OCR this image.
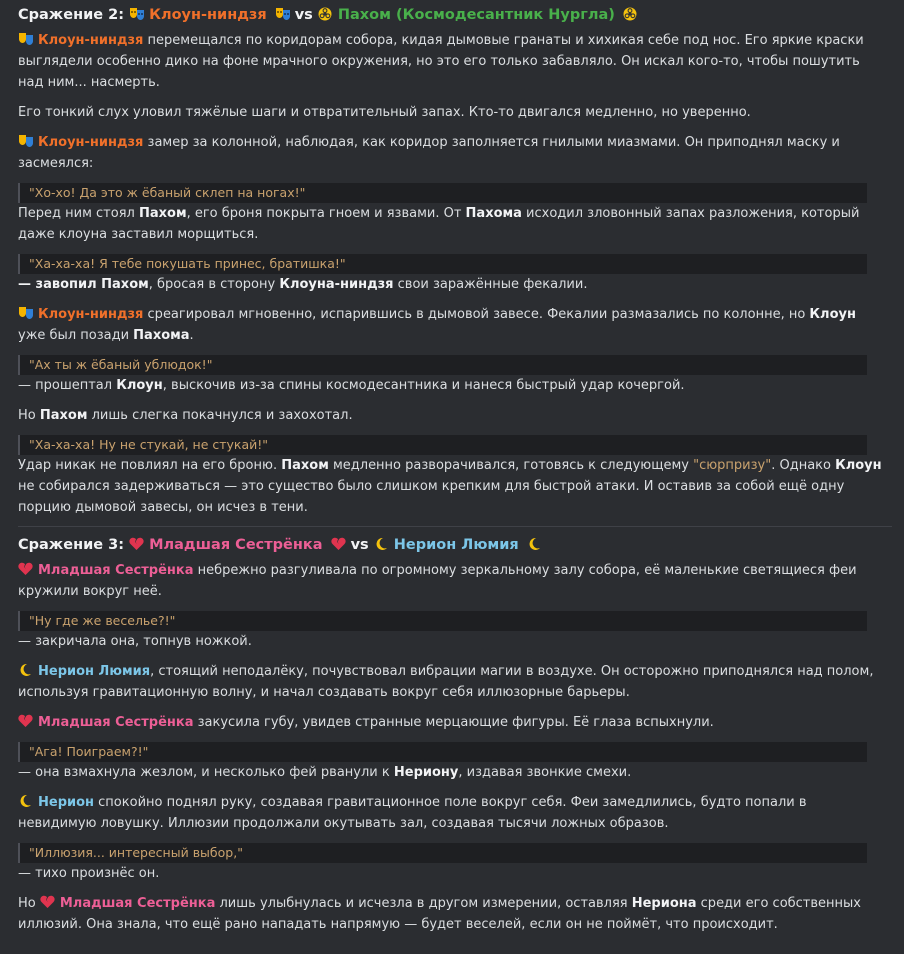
Сражение 2: Клоун-ниндзя vs Пахом (Космодесантник Нургла)
Клоун-ниндзя перемещался по коридорам собора, кидая дымовые гранаты и хихикая себе под нос. Его яркие краски
выглядели особенно дико на фоне мрачного окружения, но это его только забавляло. Он искал кого-то, чтобы пошутить
над ним... насмерть.
Его тонкий слух уловил тяжёлые шаги и отвратительный запах. Кто-то двигался медленно, но уверенно.
Клоун-ниндзя замер за колонной, наблюдая, как коридор заполняется гнилыми миазмами. Он приподнял маску и
засмеялся:
"Хо-хо! Да это ж ёбаный склеп на ногах!"
Перед ним стоял Пахом, его броня покрыта гноем и язвами. От Пахома исходил зловонный запах разложения, который
даже клоуна заставил морщиться.
"Ха-ха-ха! Я тебе покушать принес, братишка!"
— завопил Пахом, бросая в сторону Клоуна-ниндзя свои заражённые фекалии.
Клоун-ниндзя среагировал мгновенно, испарившись в дымовой завесе. Фекалии размазались по колонне, но Клоун
уже был позади Пахома.
"Ах ты ж ёбаный ублюдок!"
— прошептал Клоун, выскочив из-за спины космодесантника и нанеся быстрый удар кочергой.
Но Пахом лишь слегка покачнулся и захохотал.
"Ха-ха-ха! Ну не стукай, не стукай!"
Удар никак не повлиял на его броню. Пахом медленно разворачивался, готовясь к следующему "сюрпризу". Однако Клоун
не собирался задерживаться — это существо было слишком крепким для быстрой атаки. И оставив за собой ещё одну
порцию дымовой завесы, он исчез в тени.
Сражение 3: Младшая Сестрёнка vs Нерион Люмия
Младшая Сестрёнка небрежно разгуливала по огромному зеркальному залу собора, её маленькие светящиеся феи
кружили вокруг неё.
"Ну где же веселье?!"
— закричала она, топнув ножкой.
Нерион Люмия, стоящий неподалёку, почувствовал вибрации магии в воздухе. Он осторожно приподнялся над полом,
используя гравитационную волну, и начал создавать вокруг себя иллюзорные барьеры.
Младшая Сестрёнка закусила губу, увидев странные мерцающие фигуры. Её глаза вспыхнули.
"Ага! Поиграем?!"
— она взмахнула жезлом, и несколько фей рванули к Нериону, издавая звонкие смехи.
Нерион спокойно поднял руку, создавая гравитационное поле вокруг себя. Феи замедлились, будто попали в
невидимую ловушку. Иллюзии продолжали окутывать зал, создавая тысячи ложных образов.
"Иллюзия... интересный выбор,"
— тихо произнёс он.
Но
Младшая Сестрёнка лишь улыбнулась и исчезла в другом измерении, оставляя Нериона среди его собственных
иллюзий. Она знала, что ещё рано нападать напрямую — будет веселей, если он не поймёт, что происходит.
